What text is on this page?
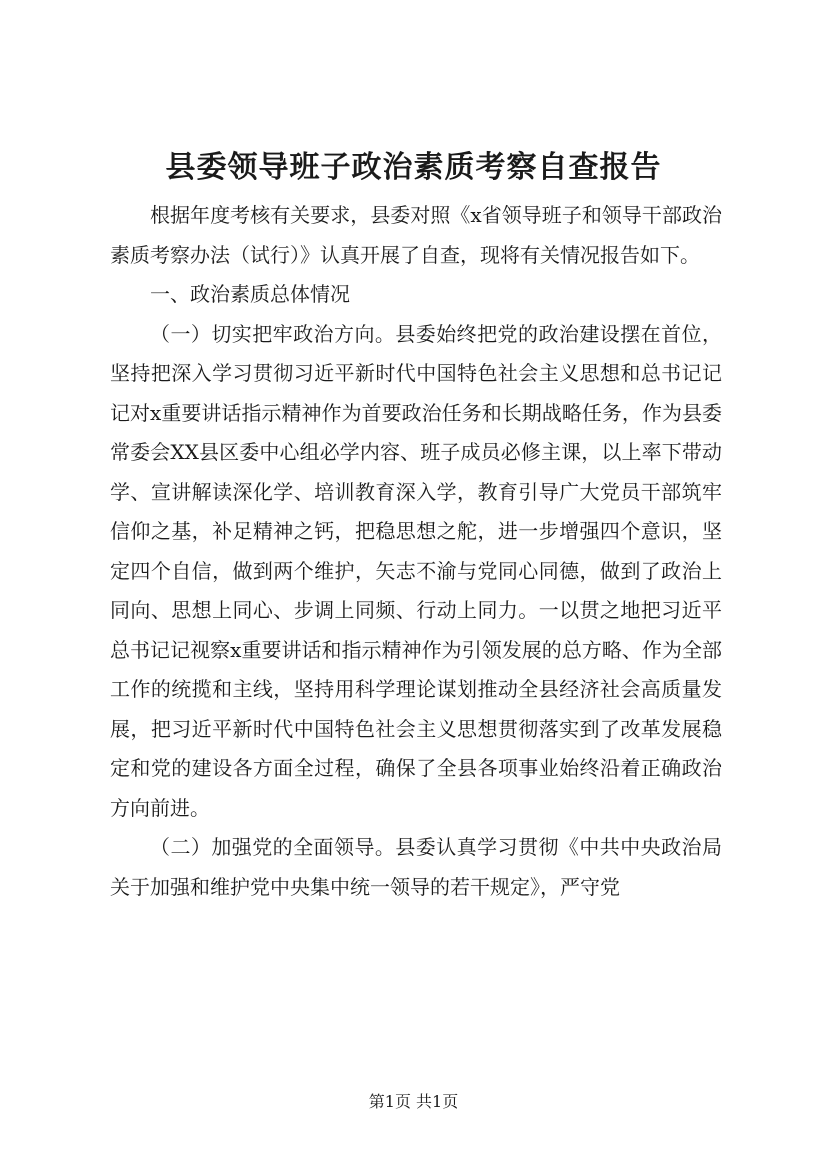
县委领导班子政治素质考察自查报告

根据年度考核有关要求，县委对照《x省领导班子和领导干部政治素质考察办法（试行）》认真开展了自查，现将有关情况报告如下。

一、政治素质总体情况

（一）切实把牢政治方向。县委始终把党的政治建设摆在首位，坚持把深入学习贯彻习近平新时代中国特色社会主义思想和总书记记记对x重要讲话指示精神作为首要政治任务和长期战略任务，作为县委常委会XX县区委中心组必学内容、班子成员必修主课，以上率下带动学、宣讲解读深化学、培训教育深入学，教育引导广大党员干部筑牢信仰之基，补足精神之钙，把稳思想之舵，进一步增强四个意识，坚定四个自信，做到两个维护，矢志不渝与党同心同德，做到了政治上同向、思想上同心、步调上同频、行动上同力。一以贯之地把习近平总书记记视察x重要讲话和指示精神作为引领发展的总方略、作为全部工作的统揽和主线，坚持用科学理论谋划推动全县经济社会高质量发展，把习近平新时代中国特色社会主义思想贯彻落实到了改革发展稳定和党的建设各方面全过程，确保了全县各项事业始终沿着正确政治方向前进。

（二）加强党的全面领导。县委认真学习贯彻《中共中央政治局关于加强和维护党中央集中统一领导的若干规定》，严守党

第1页 共1页
